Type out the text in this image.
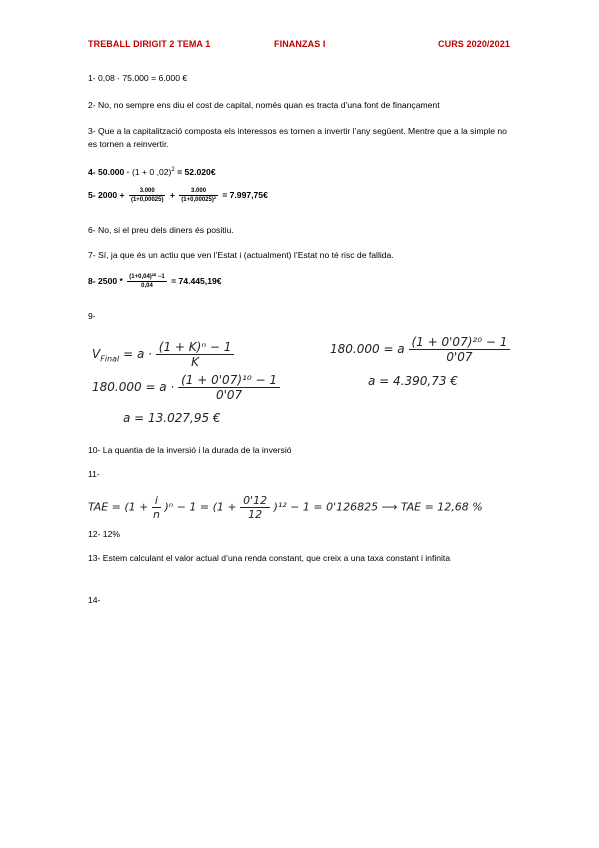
TREBALL DIRIGIT 2 TEMA 1	FINANZAS I	CURS 2020/2021
1- 0,08 · 75.000 = 6.000 €
2- No, no sempre ens diu el cost de capital, només quan es tracta d’una font de finançament
3- Que a la capitalització composta els interessos es tornen a invertir l’any següent. Mentre que a la simple no es tornen a reinvertir.
4- 50.000 · (1 + 0 ,02)$^2$ = 52.020€
5- $2000 + \frac{3.000}{(1+0,00025)} + \frac{3.000}{\text{(1+0,00025)²}}$ = 7.997,75€
6- No, si el preu dels diners és positiu.
7- Sí, ja que és un actiu que ven l’Estat i (actualment) l’Estat no té risc de fallida.
8- $2500 * \frac{\text{(1+0,04)²⁰ −1}}{0,04}$ = 74.445,19€
9-
$V_{Final} = a \cdot \frac{\text{(1 + K)ⁿ − 1}}{K}$
$180.000 = a \cdot \frac{\text{(1 + 0'07)¹⁰ − 1}}{0'07}$
a = 13.027,95 €
180.000 = a $\frac{\text{(1 + 0'07)²⁰ − 1}}{0'07}$
a = 4.390,73 €
10- La quantia de la inversió i la durada de la inversió
11-
TAE = $(1 + \frac{i}{n} )^n - 1 = (1 + \frac{0'12}{12} )^{12} - 1 = 0'126825$ ⟶ TAE = 12,68 %
12- 12%
13- Estem calculant el valor actual d’una renda constant, que creix a una taxa constant i infinita
14-
